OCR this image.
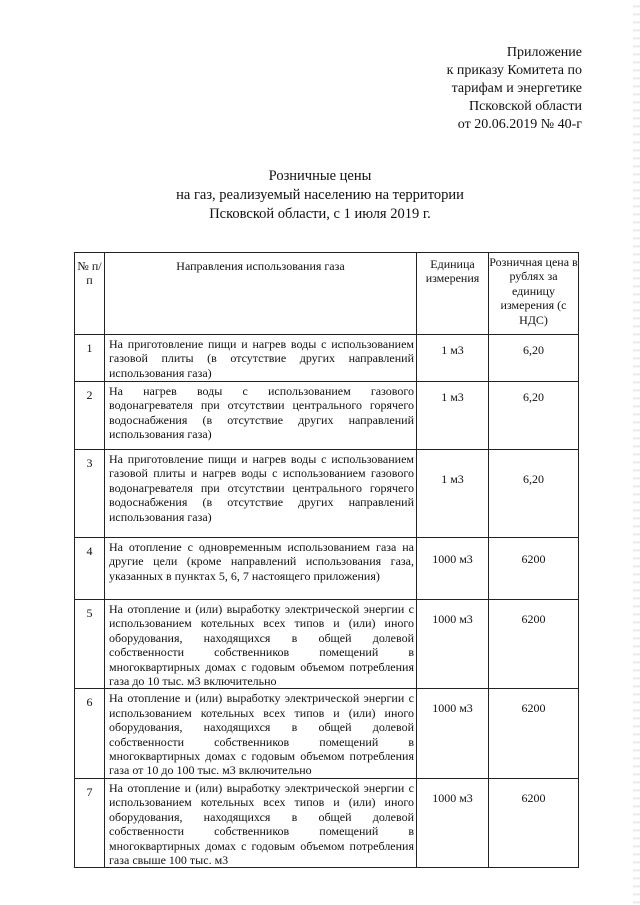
Приложение
к приказу Комитета по
тарифам и энергетике
Псковской области
от 20.06.2019 № 40-г
Розничные цены
на газ, реализуемый населению на территории
Псковской области, с 1 июля 2019 г.
№ п/п	Направления использования газа	Единица измерения	Розничная цена в рублях за единицу измерения (с НДС)
1	На приготовление пищи и нагрев воды с использованием газовой плиты (в отсутствие других направлений использования газа)	1 м3	6,20
2	На нагрев воды с использованием газового водонагревателя при отсутствии центрального горячего водоснабжения (в отсутствие других направлений использования газа)	1 м3	6,20
3	На приготовление пищи и нагрев воды с использованием газовой плиты и нагрев воды с использованием газового водонагревателя при отсутствии центрального горячего водоснабжения (в отсутствие других направлений использования газа)	1 м3	6,20
4	На отопление с одновременным использованием газа на другие цели (кроме направлений использования газа, указанных в пунктах 5, 6, 7 настоящего приложения)	1000 м3	6200
5	На отопление и (или) выработку электрической энергии с использованием котельных всех типов и (или) иного оборудования, находящихся в общей долевой собственности собственников помещений в многоквартирных домах с годовым объемом потребления газа до 10 тыс. м3 включительно	1000 м3	6200
6	На отопление и (или) выработку электрической энергии с использованием котельных всех типов и (или) иного оборудования, находящихся в общей долевой собственности собственников помещений в многоквартирных домах с годовым объемом потребления газа от 10 до 100 тыс. м3 включительно	1000 м3	6200
7	На отопление и (или) выработку электрической энергии с использованием котельных всех типов и (или) иного оборудования, находящихся в общей долевой собственности собственников помещений в многоквартирных домах с годовым объемом потребления газа свыше 100 тыс. м3	1000 м3	6200
